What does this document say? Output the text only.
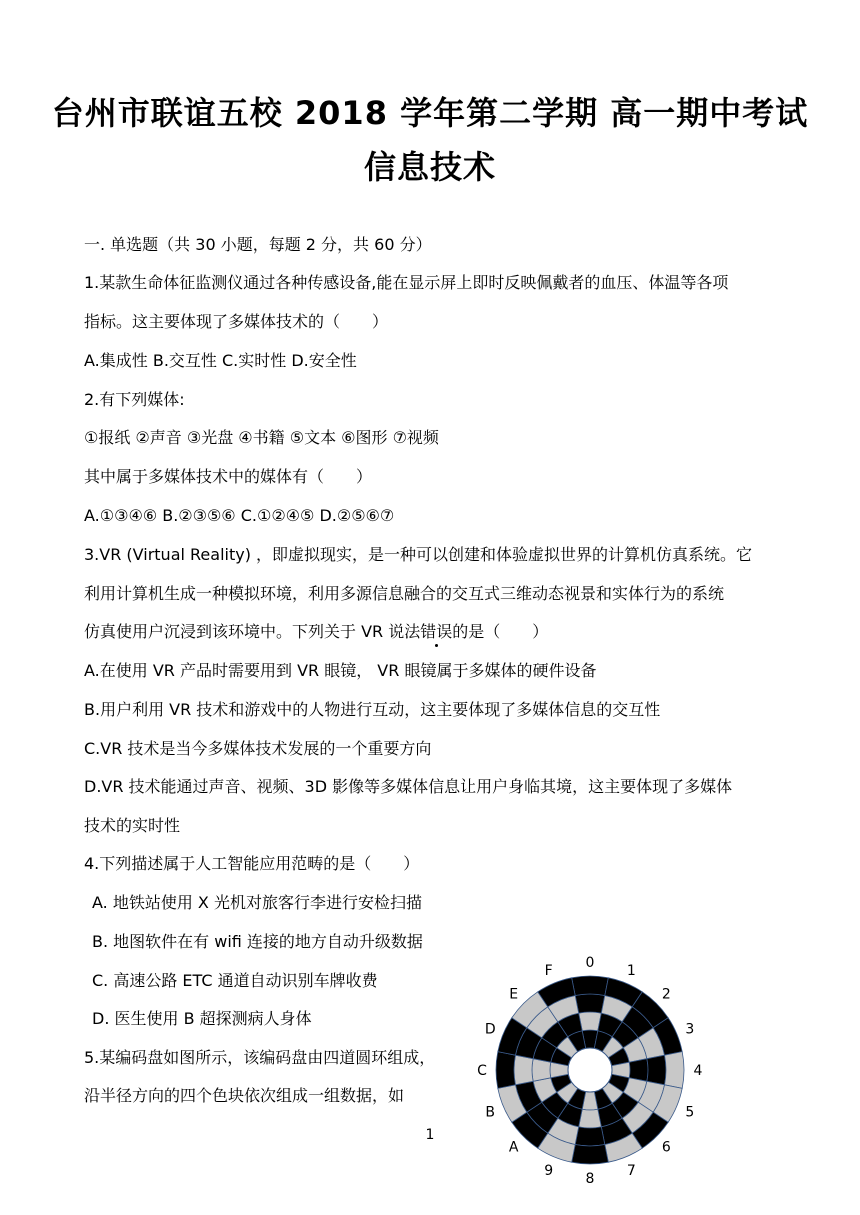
台州市联谊五校 2018 学年第二学期 高一期中考试
信息技术
一. 单选题（共 30 小题，每题 2 分，共 60 分）
1.某款生命体征监测仪通过各种传感设备,能在显示屏上即时反映佩戴者的血压、体温等各项
指标。这主要体现了多媒体技术的（　　）
A.集成性 B.交互性 C.实时性 D.安全性
2.有下列媒体:
①报纸 ②声音 ③光盘 ④书籍 ⑤文本 ⑥图形 ⑦视频
其中属于多媒体技术中的媒体有（　　）
A.①③④⑥ B.②③⑤⑥ C.①②④⑤ D.②⑤⑥⑦
3.VR (Virtual Reality) ，即虚拟现实，是一种可以创建和体验虚拟世界的计算机仿真系统。它
利用计算机生成一种模拟环境，利用多源信息融合的交互式三维动态视景和实体行为的系统
仿真使用户沉浸到该环境中。下列关于 VR 说法错误的是（　　）
A.在使用 VR 产品时需要用到 VR 眼镜， VR 眼镜属于多媒体的硬件设备
B.用户利用 VR 技术和游戏中的人物进行互动，这主要体现了多媒体信息的交互性
C.VR 技术是当今多媒体技术发展的一个重要方向
D.VR 技术能通过声音、视频、3D 影像等多媒体信息让用户身临其境，这主要体现了多媒体
技术的实时性
4.下列描述属于人工智能应用范畴的是（　　）
A. 地铁站使用 X 光机对旅客行李进行安检扫描
B. 地图软件在有 wifi 连接的地方自动升级数据
C. 高速公路 ETC 通道自动识别车牌收费
D. 医生使用 B 超探测病人身体
5.某编码盘如图所示，该编码盘由四道圆环组成，
沿半径方向的四个色块依次组成一组数据，如
0
1
2
3
4
5
6
7
8
9
A
B
C
D
E
F
1
